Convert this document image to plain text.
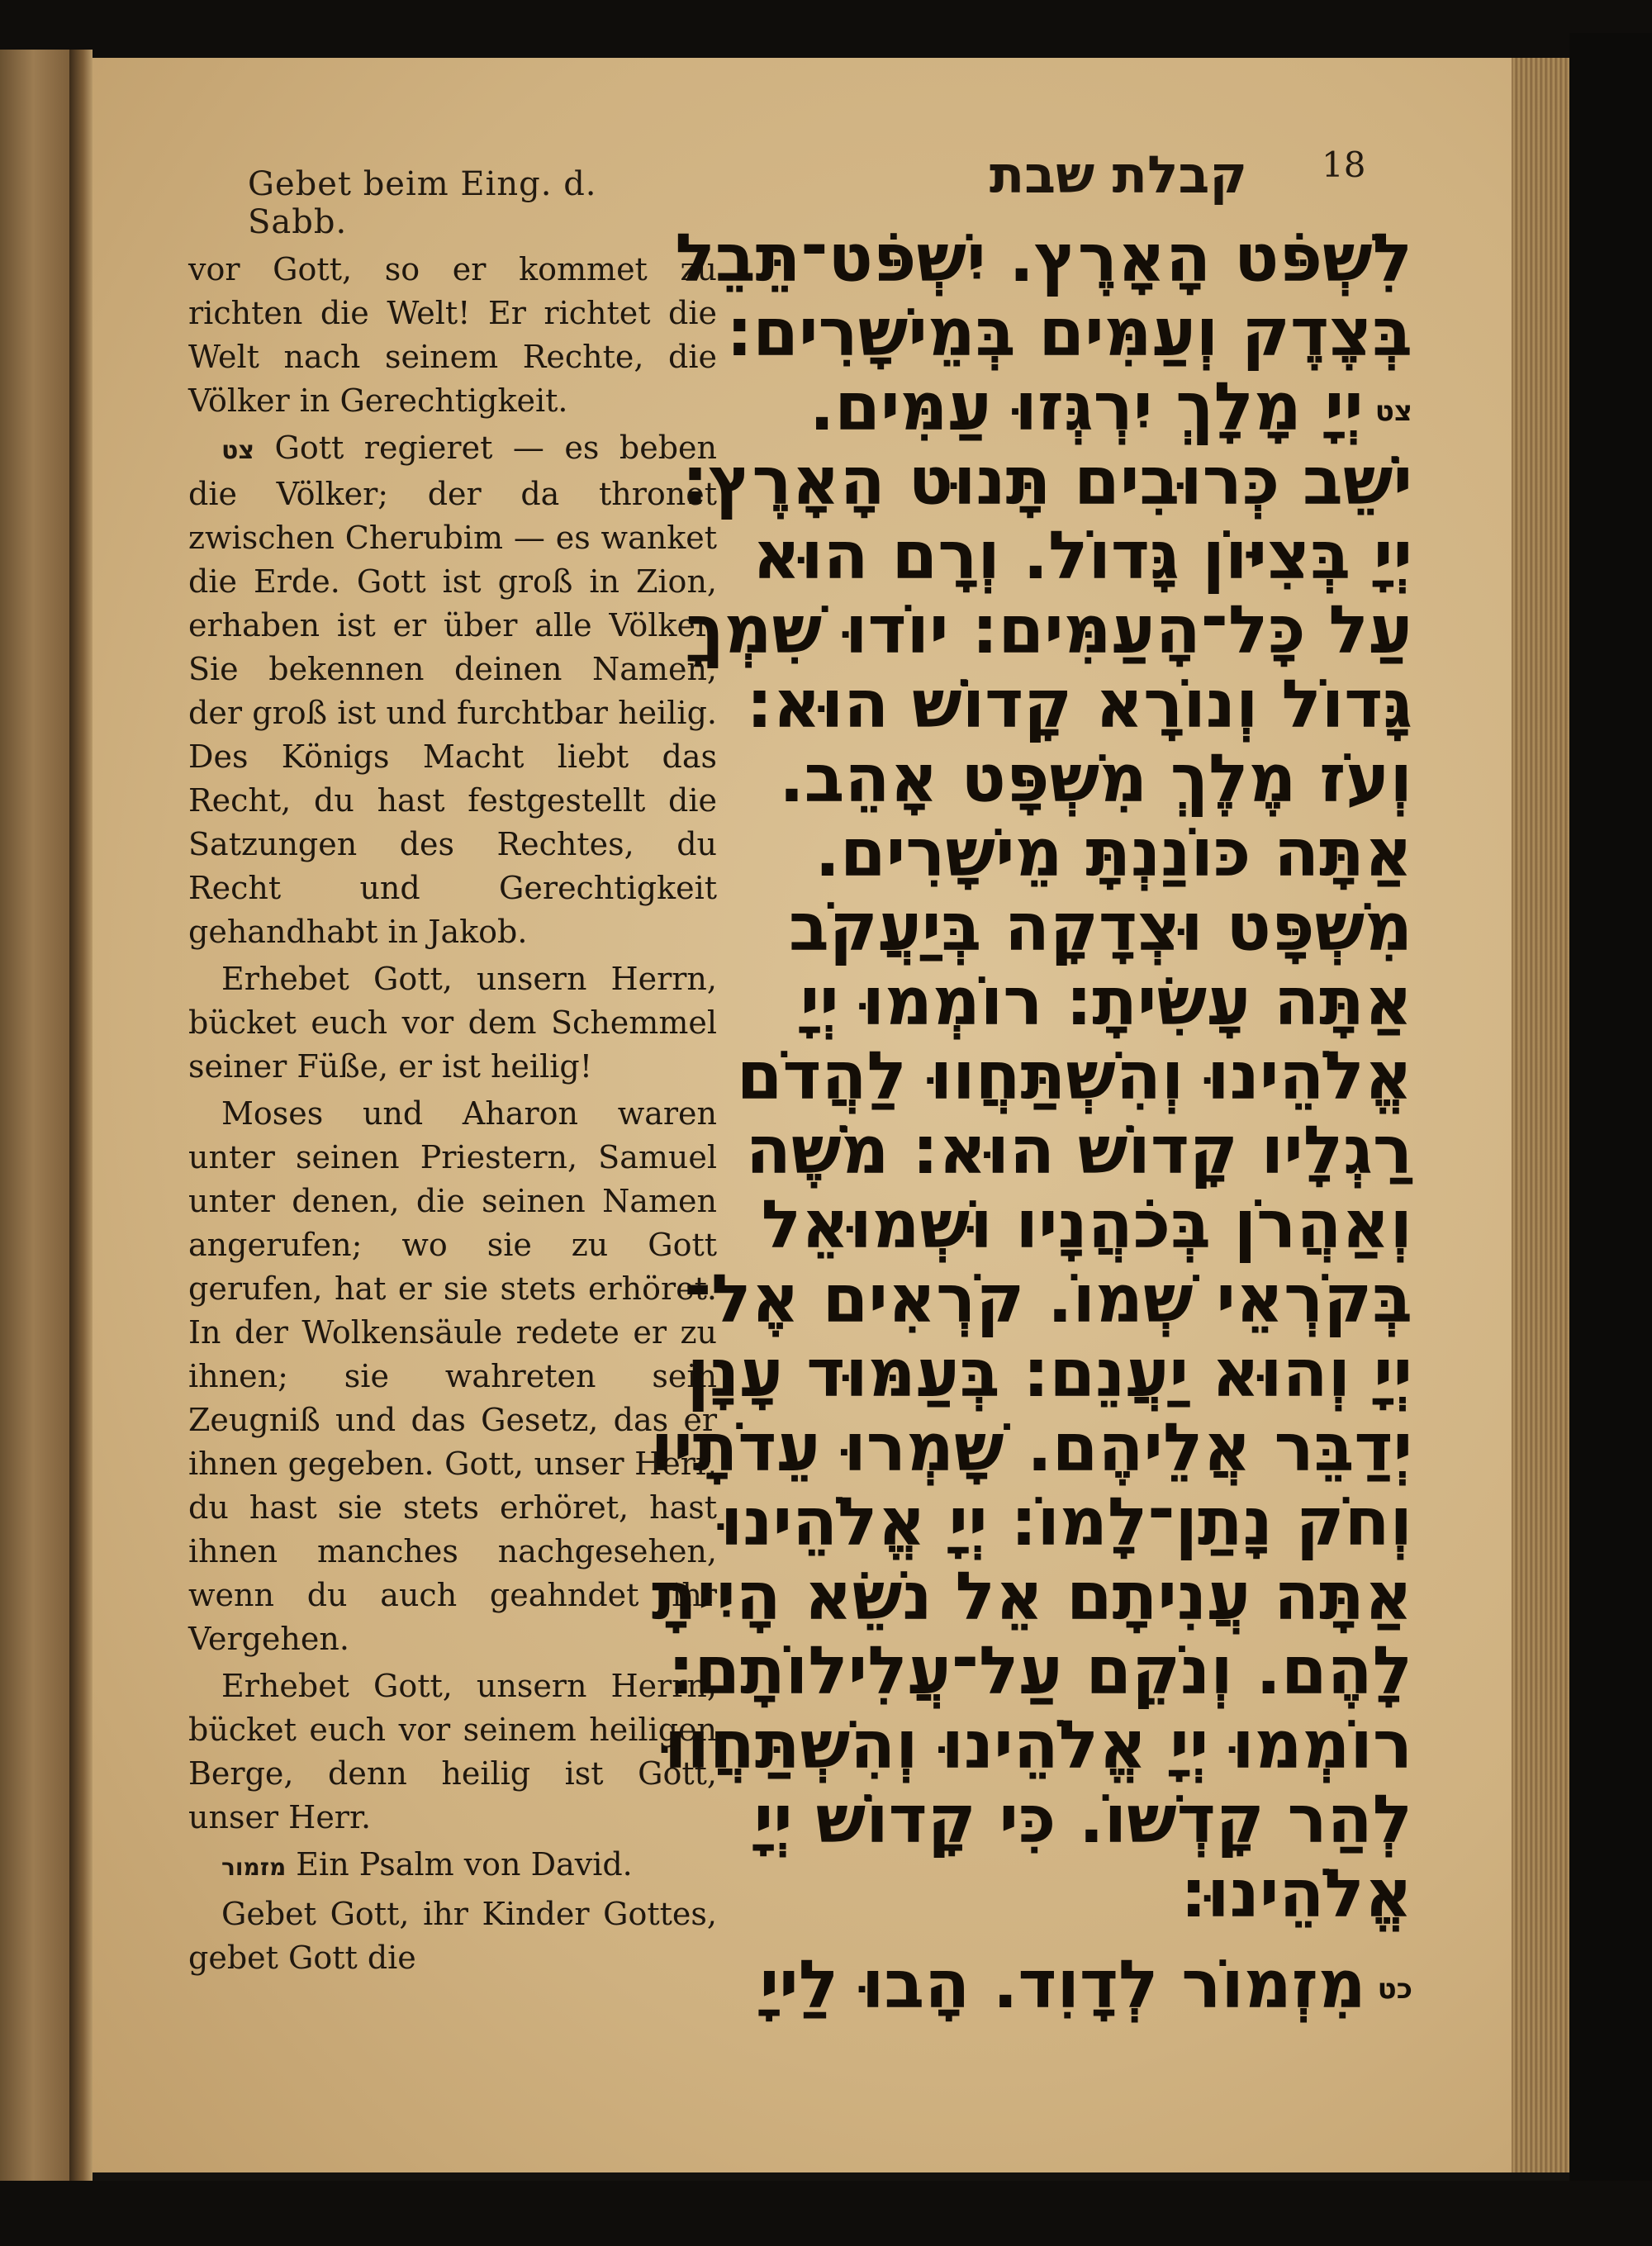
Gebet beim Eing. d. Sabb.
קבלת שבת 18

vor Gott, so er kommet zu richten die Welt! Er richtet die Welt nach seinem Rechte, die Völker in Gerechtigkeit.

צט Gott regieret — es beben die Völker; der da thronet zwischen Cherubim — es wanket die Erde. Gott ist groß in Zion, erhaben ist er über alle Völker. Sie bekennen deinen Namen, der groß ist und furchtbar heilig. Des Königs Macht liebt das Recht, du hast festgestellt die Satzungen des Rechtes, du Recht und Gerechtigkeit gehandhabt in Jakob.

Erhebet Gott, unsern Herrn, bücket euch vor dem Schemmel seiner Füße, er ist heilig!

Moses und Aharon waren unter seinen Priestern, Samuel unter denen, die seinen Namen angerufen; wo sie zu Gott gerufen, hat er sie stets erhöret. In der Wolkensäule redete er zu ihnen; sie wahreten sein Zeugniß und das Gesetz, das er ihnen gegeben. Gott, unser Herr, du hast sie stets erhöret, hast ihnen manches nachgesehen, wenn du auch geahndet ihr Vergehen.

Erhebet Gott, unsern Herrn, bücket euch vor seinem heiligen Berge, denn heilig ist Gott, unser Herr.

מזמור Ein Psalm von David.

Gebet Gott, ihr Kinder Gottes, gebet Gott die

לִשְׁפֹּט הָאָרֶץ. יִשְׁפֹּט־תֵּבֵל
בְּצֶדֶק וְעַמִּים בְּמֵישָׁרִים:
צטיְיָ מָלָךְ יִרְגְּזוּ עַמִּים.
יֹשֵׁב כְּרוּבִים תָּנוּט הָאָרֶץ:
יְיָ בְּצִיּוֹן גָּדוֹל. וְרָם הוּא
עַל כָּל־הָעַמִּים: יוֹדוּ שִׁמְךָ
גָּדוֹל וְנוֹרָא קָדוֹשׁ הוּא:
וְעֹז מֶלֶךְ מִשְׁפָּט אָהֵב.
אַתָּה כּוֹנַנְתָּ מֵישָׁרִים.
מִשְׁפָּט וּצְדָקָה בְּיַעֲקֹב
אַתָּה עָשִׂיתָ: רוֹמְמוּ יְיָ
אֱלֹהֵינוּ וְהִשְׁתַּחֲווּ לַהֲדֹם
רַגְלָיו קָדוֹשׁ הוּא: מֹשֶׁה
וְאַהֲרֹן בְּכֹהֲנָיו וּשְׁמוּאֵל
בְּקֹרְאֵי שְׁמוֹ. קֹרְאִים אֶל־
יְיָ וְהוּא יַעֲנֵם: בְּעַמּוּד עָנָן
יְדַבֵּר אֲלֵיהֶם. שָׁמְרוּ עֵדֹתָיו
וְחֹק נָתַן־לָמוֹ: יְיָ אֱלֹהֵינוּ
אַתָּה עֲנִיתָם אֵל נֹשֵׂא הָיִיתָ
לָהֶם. וְנֹקֵם עַל־עֲלִילוֹתָם:
רוֹמְמוּ יְיָ אֱלֹהֵינוּ וְהִשְׁתַּחֲווּ
לְהַר קָדְשׁוֹ. כִּי קָדוֹשׁ יְיָ
אֱלֹהֵינוּ:
כטמִזְמוֹר לְדָוִד. הָבוּ לַייָ
